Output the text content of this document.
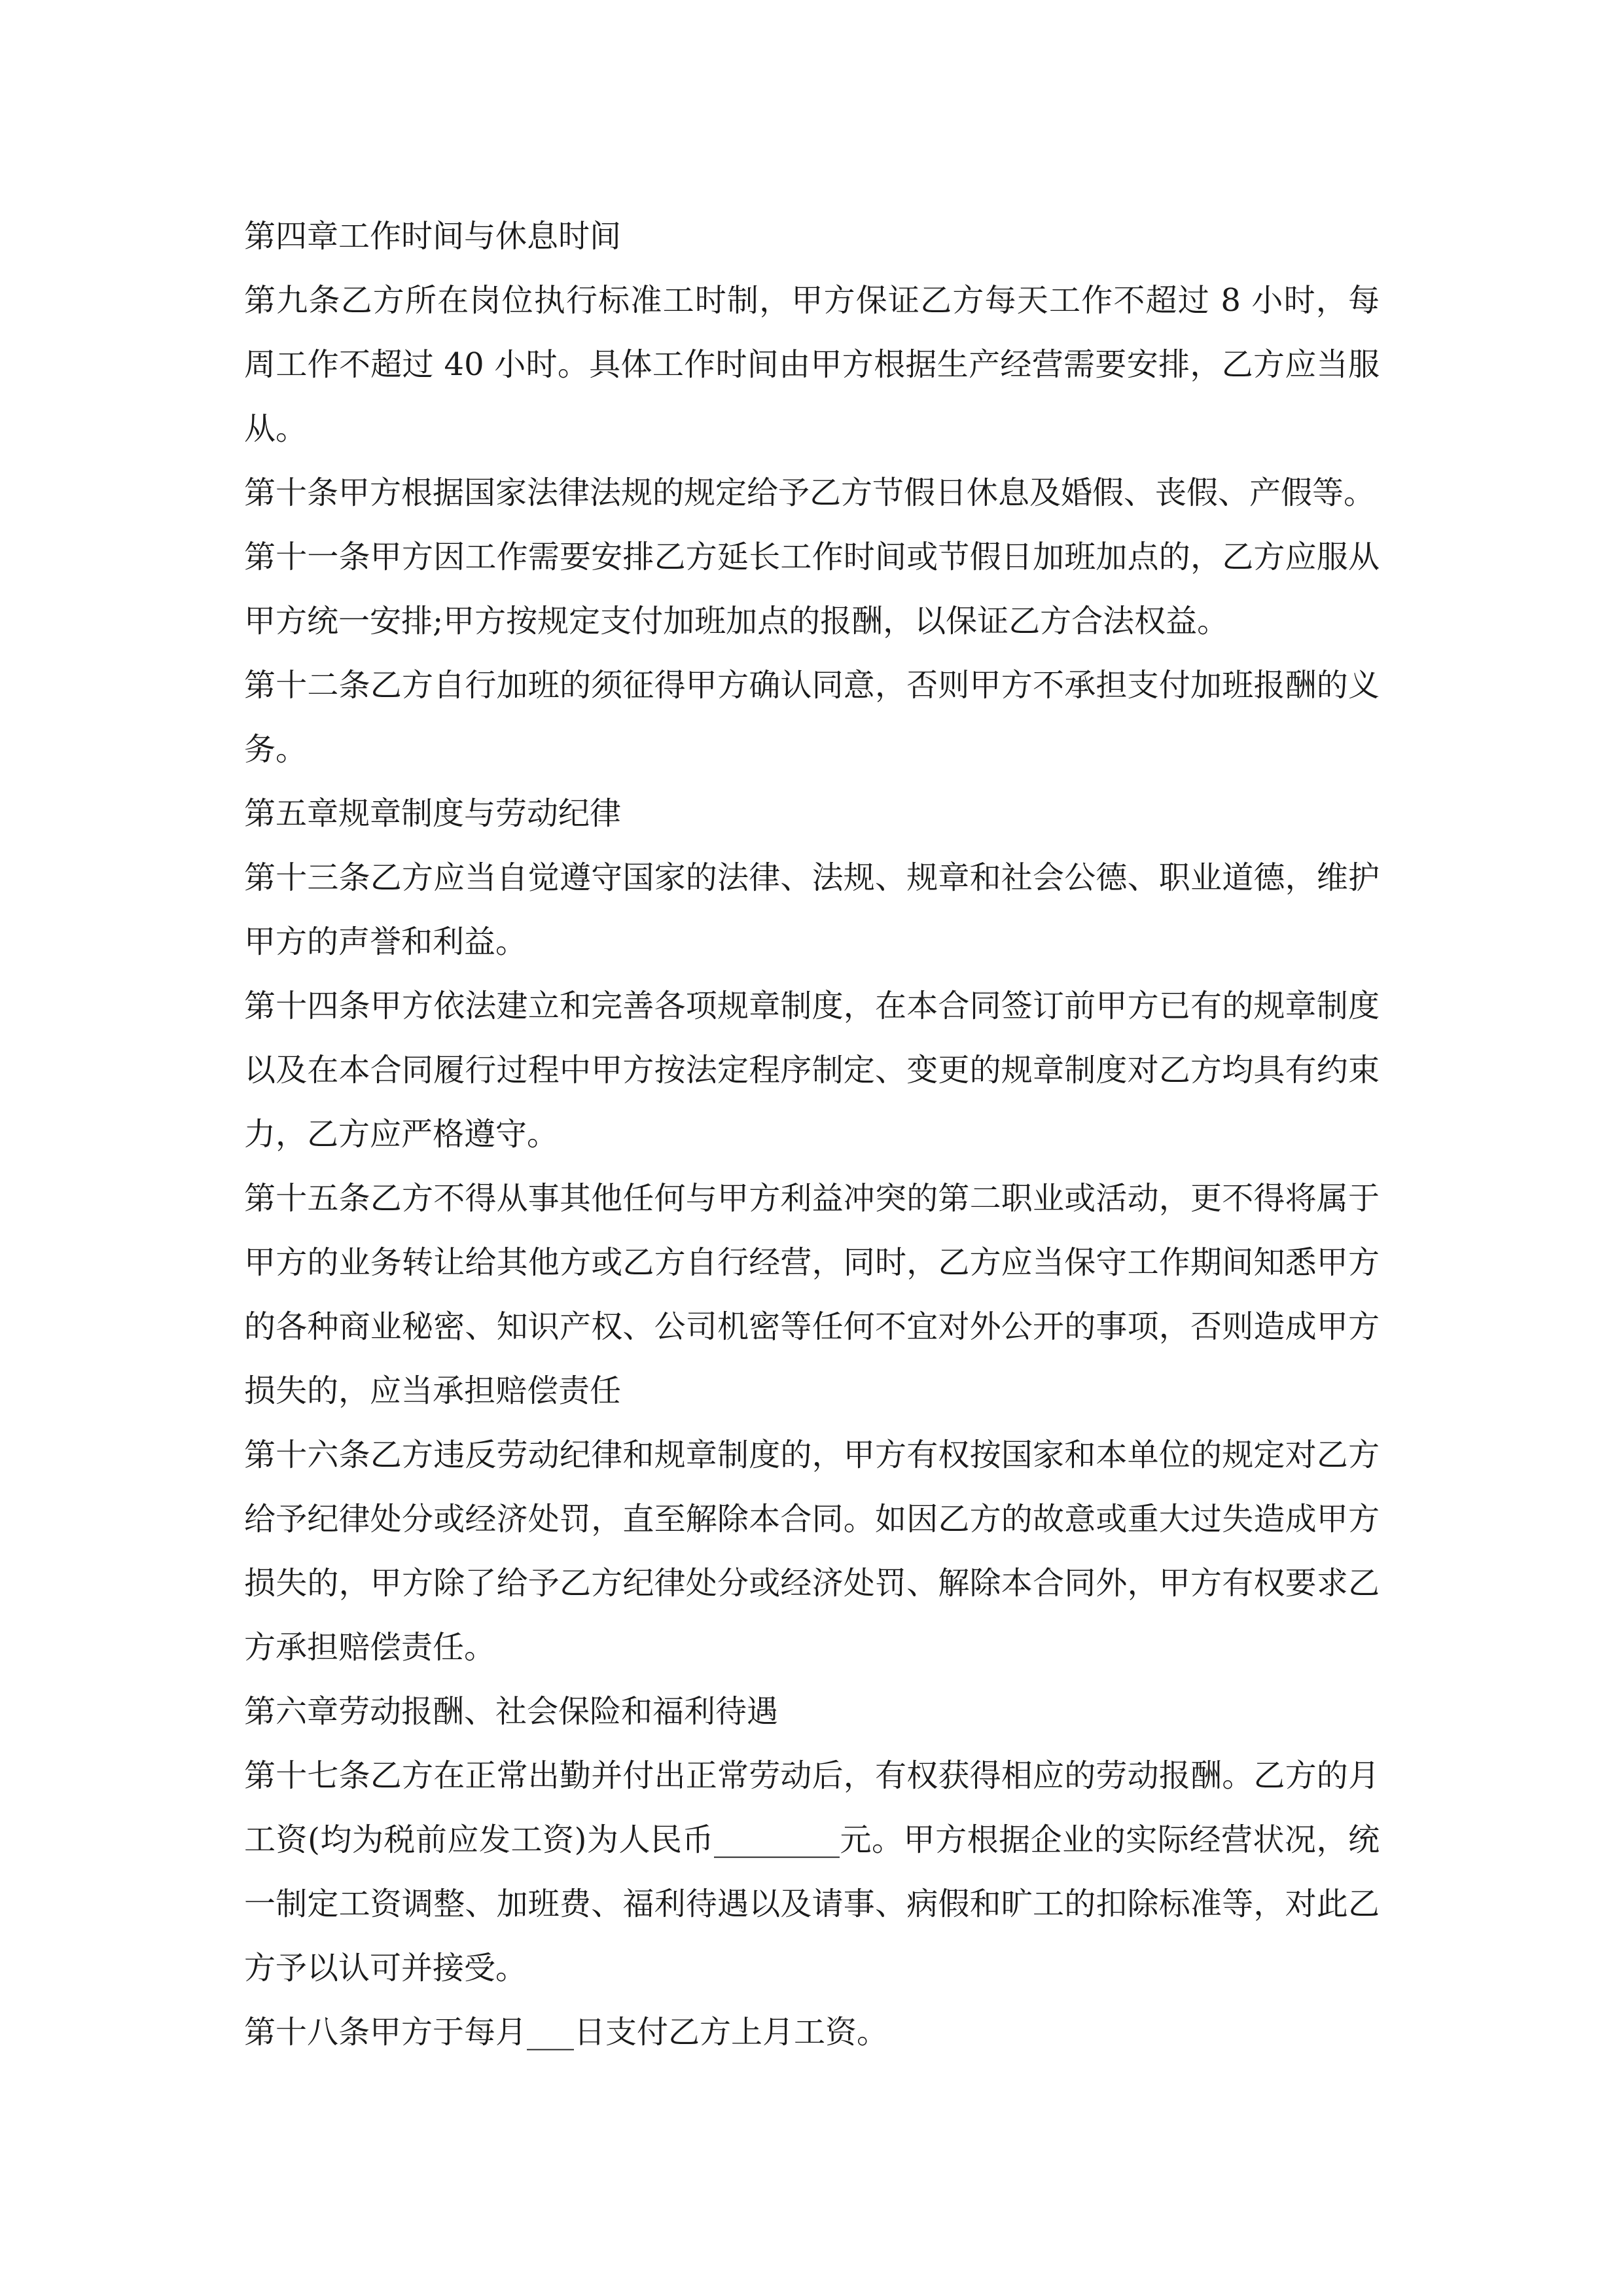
第四章工作时间与休息时间

第九条乙方所在岗位执行标准工时制，甲方保证乙方每天工作不超过 8 小时，每周工作不超过 40 小时。具体工作时间由甲方根据生产经营需要安排，乙方应当服从。

第十条甲方根据国家法律法规的规定给予乙方节假日休息及婚假、丧假、产假等。

第十一条甲方因工作需要安排乙方延长工作时间或节假日加班加点的，乙方应服从甲方统一安排;甲方按规定支付加班加点的报酬，以保证乙方合法权益。

第十二条乙方自行加班的须征得甲方确认同意，否则甲方不承担支付加班报酬的义务。

第五章规章制度与劳动纪律

第十三条乙方应当自觉遵守国家的法律、法规、规章和社会公德、职业道德，维护甲方的声誉和利益。

第十四条甲方依法建立和完善各项规章制度，在本合同签订前甲方已有的规章制度以及在本合同履行过程中甲方按法定程序制定、变更的规章制度对乙方均具有约束力，乙方应严格遵守。

第十五条乙方不得从事其他任何与甲方利益冲突的第二职业或活动，更不得将属于甲方的业务转让给其他方或乙方自行经营，同时，乙方应当保守工作期间知悉甲方的各种商业秘密、知识产权、公司机密等任何不宜对外公开的事项，否则造成甲方损失的，应当承担赔偿责任

第十六条乙方违反劳动纪律和规章制度的，甲方有权按国家和本单位的规定对乙方给予纪律处分或经济处罚，直至解除本合同。如因乙方的故意或重大过失造成甲方损失的，甲方除了给予乙方纪律处分或经济处罚、解除本合同外，甲方有权要求乙方承担赔偿责任。

第六章劳动报酬、社会保险和福利待遇

第十七条乙方在正常出勤并付出正常劳动后，有权获得相应的劳动报酬。乙方的月工资(均为税前应发工资)为人民币________元。甲方根据企业的实际经营状况，统一制定工资调整、加班费、福利待遇以及请事、病假和旷工的扣除标准等，对此乙方予以认可并接受。

第十八条甲方于每月___日支付乙方上月工资。
